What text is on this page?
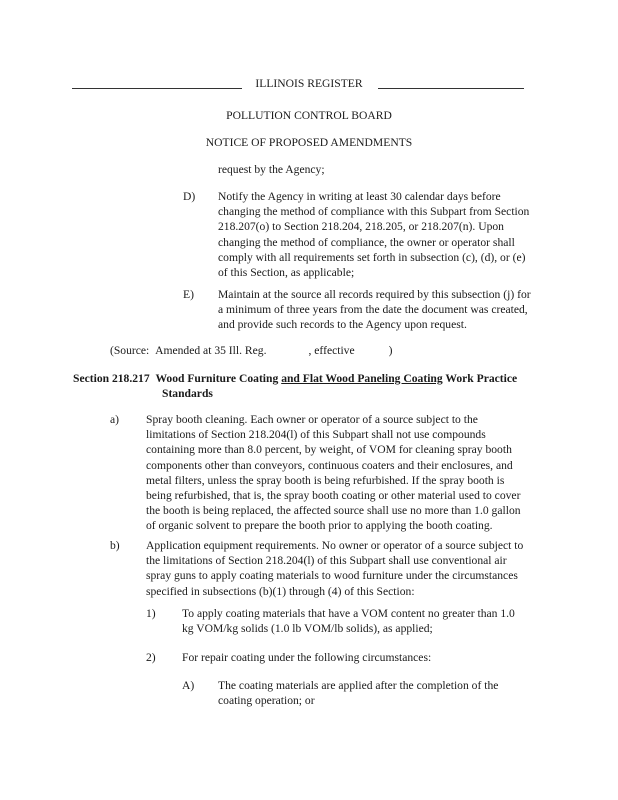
ILLINOIS REGISTER
POLLUTION CONTROL BOARD
NOTICE OF PROPOSED AMENDMENTS
request by the Agency;
D) Notify the Agency in writing at least 30 calendar days before
changing the method of compliance with this Subpart from Section
218.207(o) to Section 218.204, 218.205, or 218.207(n). Upon
changing the method of compliance, the owner or operator shall
comply with all requirements set forth in subsection (c), (d), or (e)
of this Section, as applicable;
E) Maintain at the source all records required by this subsection (j) for
a minimum of three years from the date the document was created,
and provide such records to the Agency upon request.
(Source: Amended at 35 Ill. Reg.	, effective	)
Section 218.217 Wood Furniture Coating and Flat Wood Paneling Coating Work Practice
Standards
a) Spray booth cleaning. Each owner or operator of a source subject to the
limitations of Section 218.204(l) of this Subpart shall not use compounds
containing more than 8.0 percent, by weight, of VOM for cleaning spray booth
components other than conveyors, continuous coaters and their enclosures, and
metal filters, unless the spray booth is being refurbished. If the spray booth is
being refurbished, that is, the spray booth coating or other material used to cover
the booth is being replaced, the affected source shall use no more than 1.0 gallon
of organic solvent to prepare the booth prior to applying the booth coating.
b) Application equipment requirements. No owner or operator of a source subject to
the limitations of Section 218.204(l) of this Subpart shall use conventional air
spray guns to apply coating materials to wood furniture under the circumstances
specified in subsections (b)(1) through (4) of this Section:
1) To apply coating materials that have a VOM content no greater than 1.0
kg VOM/kg solids (1.0 lb VOM/lb solids), as applied;
2) For repair coating under the following circumstances:
A) The coating materials are applied after the completion of the
coating operation; or
